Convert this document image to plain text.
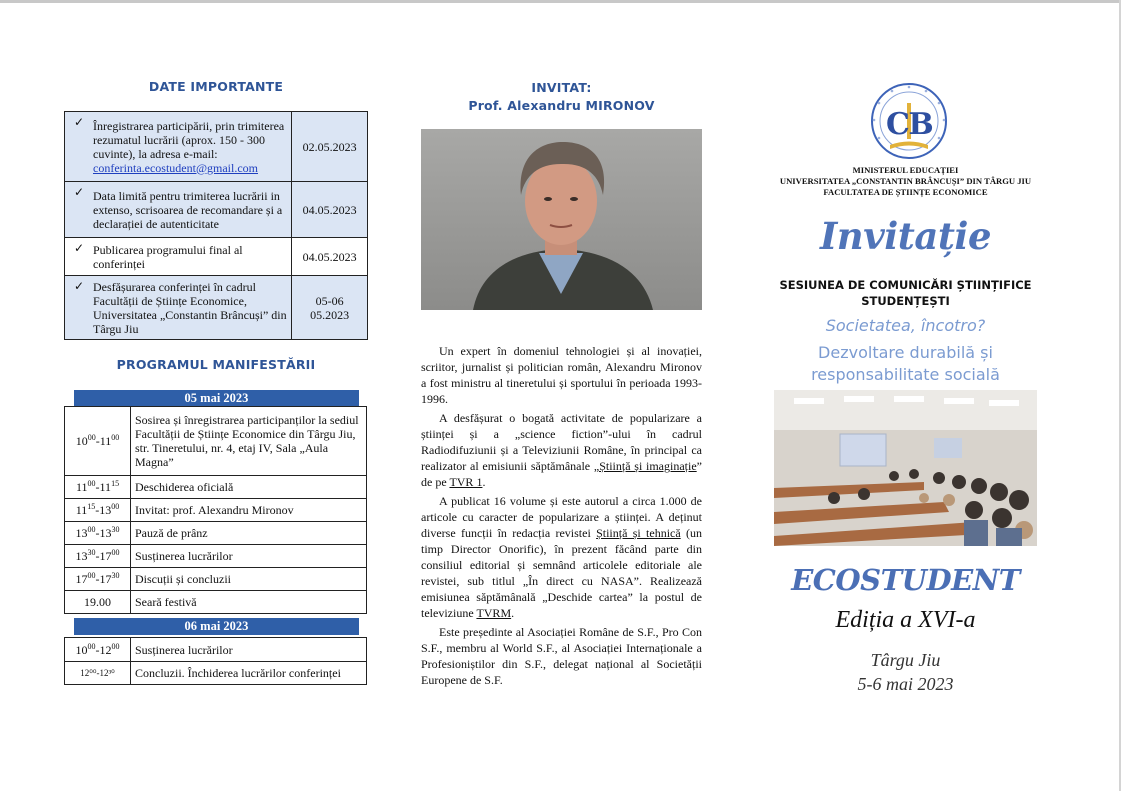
DATE IMPORTANTE
✓ Înregistrarea participării, prin trimiterea rezumatul lucrării (aprox. 150 - 300 cuvinte), la adresa e-mail: conferinta.ecostudent@gmail.com	02.05.2023

✓ Data limită pentru trimiterea lucrării in extenso, scrisoarea de recomandare și a declarației de autenticitate	04.05.2023

✓ Publicarea programului final al conferinței	04.05.2023

✓ Desfășurarea conferinței în cadrul Facultății de Științe Economice, Universitatea „Constantin Brâncuși” din Târgu Jiu	05-06
05.2023
PROGRAMUL MANIFESTĂRII
05 mai 2023
$10^{00}-11^{00}$	Sosirea și înregistrarea participanților la sediul Facultății de Științe Economice din Târgu Jiu, str. Tineretului, nr. 4, etaj IV, Sala „Aula Magna”
$11^{00}-11^{15}$	Deschiderea oficială
$11^{15}-13^{00}$	Invitat: prof. Alexandru Mironov
$13^{00}-13^{30}$	Pauză de prânz
$13^{30}-17^{00}$	Susținerea lucrărilor
$17^{00}-17^{30}$	Discuții și concluzii
19.00	Seară festivă
06 mai 2023
$10^{00}-12^{00}$	Susținerea lucrărilor
12⁰⁰-12³⁰	Concluzii. Închiderea lucrărilor conferinței
INVITAT:
Prof. Alexandru MIRONOV

Un expert în domeniul tehnologiei și al inovației, scriitor, jurnalist și politician român, Alexandru Mironov a fost ministru al tineretului și sportului în perioada 1993-1996.

A desfășurat o bogată activitate de popularizare a științei și a „science fiction”-ului în cadrul Radiodifuziunii și a Televiziunii Române, în principal ca realizator al emisiunii săptămânale „Știință și imaginație” de pe TVR 1.

A publicat 16 volume și este autorul a circa 1.000 de articole cu caracter de popularizare a științei. A deținut diverse funcții în redacția revistei Știință și tehnică (un timp Director Onorific), în prezent făcând parte din consiliul editorial și semnând articolele editoriale ale revistei, sub titlul „În direct cu NASA”. Realizează emisiunea săptămânală „Deschide cartea” la postul de televiziune TVRM.

Este președinte al Asociației Române de S.F., Pro Con S.F., membru al World S.F., al Asociației Internaționale a Profesioniștilor din S.F., delegat național al Societății Europene de S.F.

C
B
MINISTERUL EDUCAȚIEI
UNIVERSITATEA „CONSTANTIN BRÂNCUȘI” DIN TÂRGU JIU
FACULTATEA DE ȘTIINȚE ECONOMICE
Invitație
SESIUNEA DE COMUNICĂRI ȘTIINȚIFICE
STUDENȚEȘTI
Societatea, încotro?
Dezvoltare durabilă și
responsabilitate socială
ECOSTUDENT
Ediția a XVI-a
Târgu Jiu
5-6 mai 2023
